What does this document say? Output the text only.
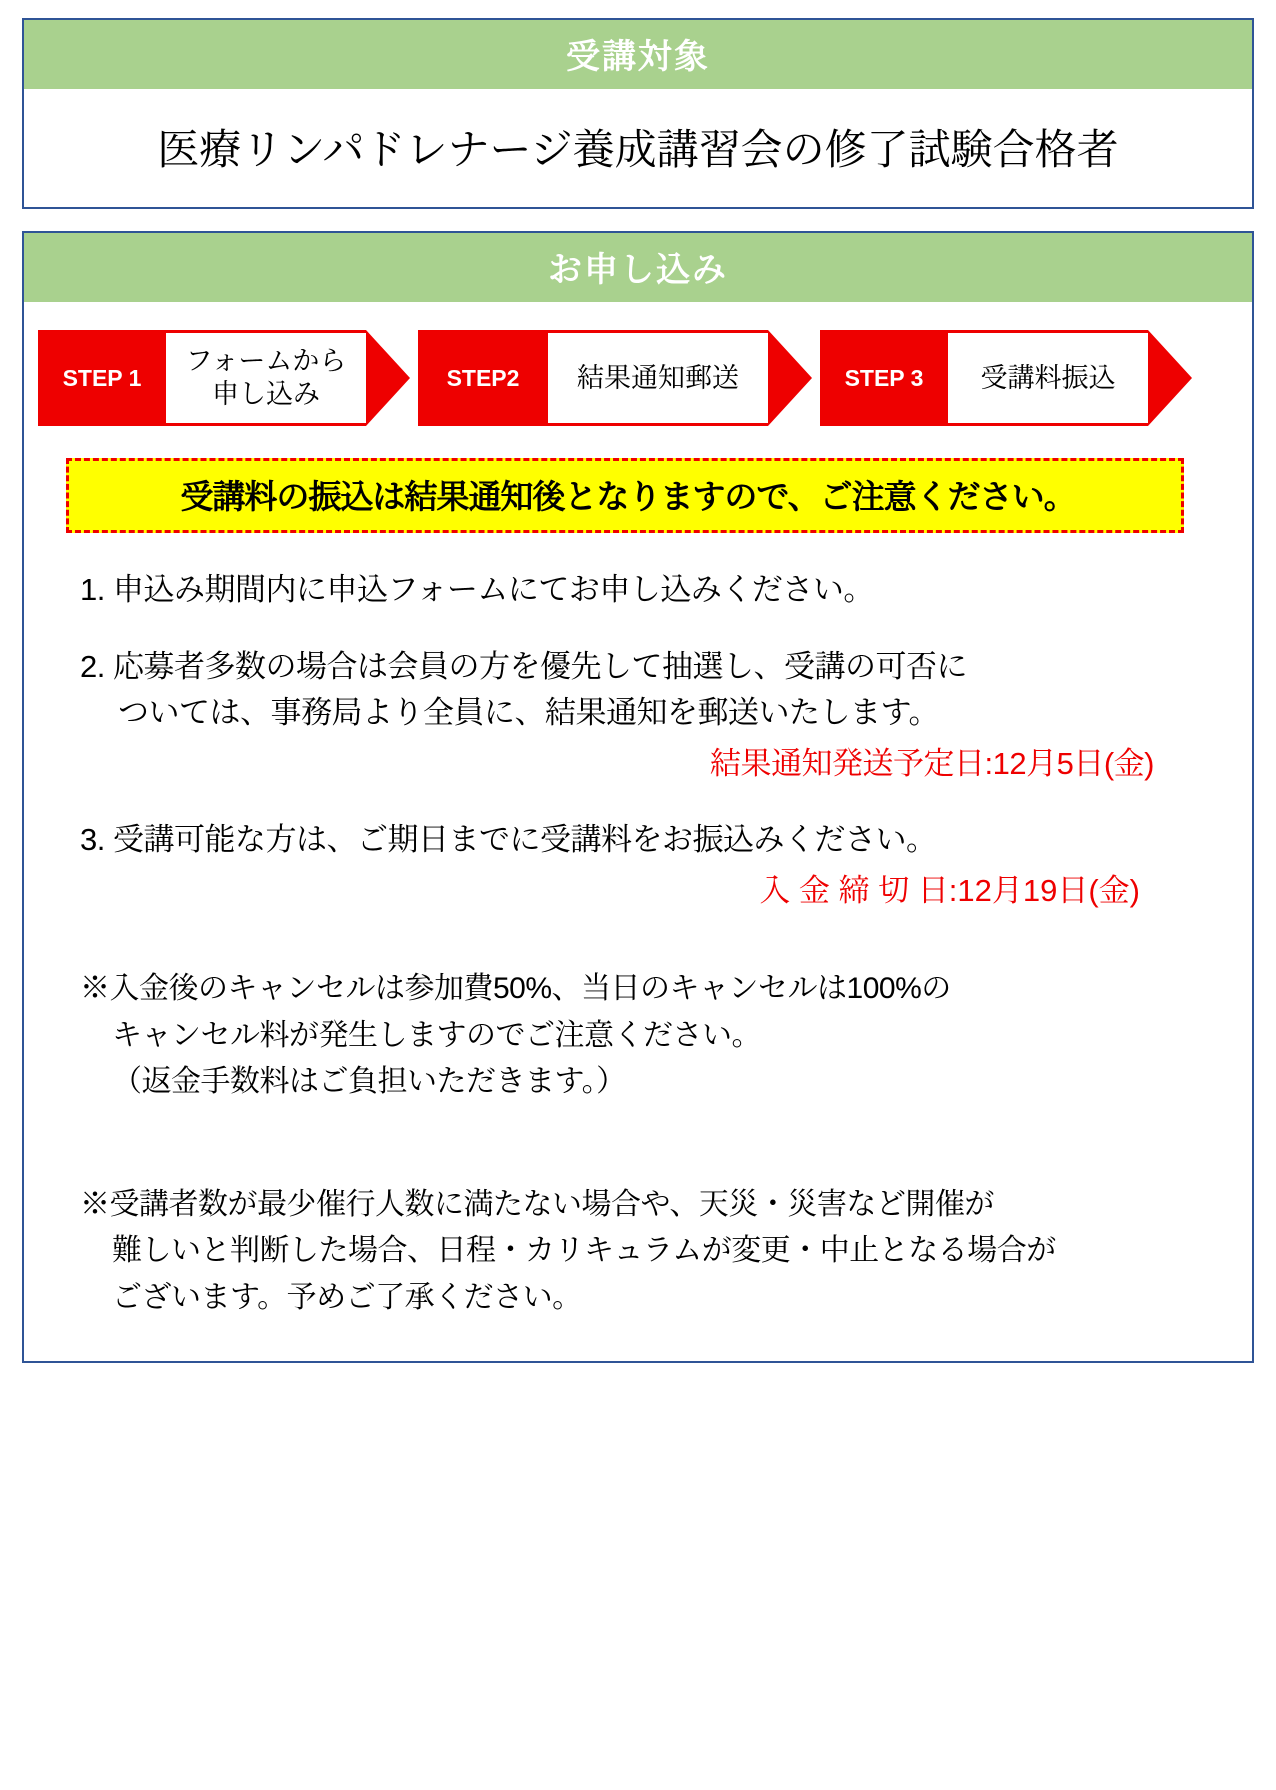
受講対象
医療リンパドレナージ養成講習会の修了試験合格者
お申し込み
STEP 1
フォームから
申し込み
STEP2	結果通知郵送	STEP 3	受講料振込
受講料の振込は結果通知後となりますので、ご注意ください。
1. 申込み期間内に申込フォームにてお申し込みください。
2. 応募者多数の場合は会員の方を優先して抽選し、受講の可否に
ついては、事務局より全員に、結果通知を郵送いたします。
結果通知発送予定日:12月5日(金)
3. 受講可能な方は、ご期日までに受講料をお振込みください。
入 金 締 切 日:12月19日(金)
※入金後のキャンセルは参加費50%、当日のキャンセルは100%の
キャンセル料が発生しますのでご注意ください。
（返金手数料はご負担いただきます。）
※受講者数が最少催行人数に満たない場合や、天災・災害など開催が
難しいと判断した場合、日程・カリキュラムが変更・中止となる場合が
ございます。予めご了承ください。
